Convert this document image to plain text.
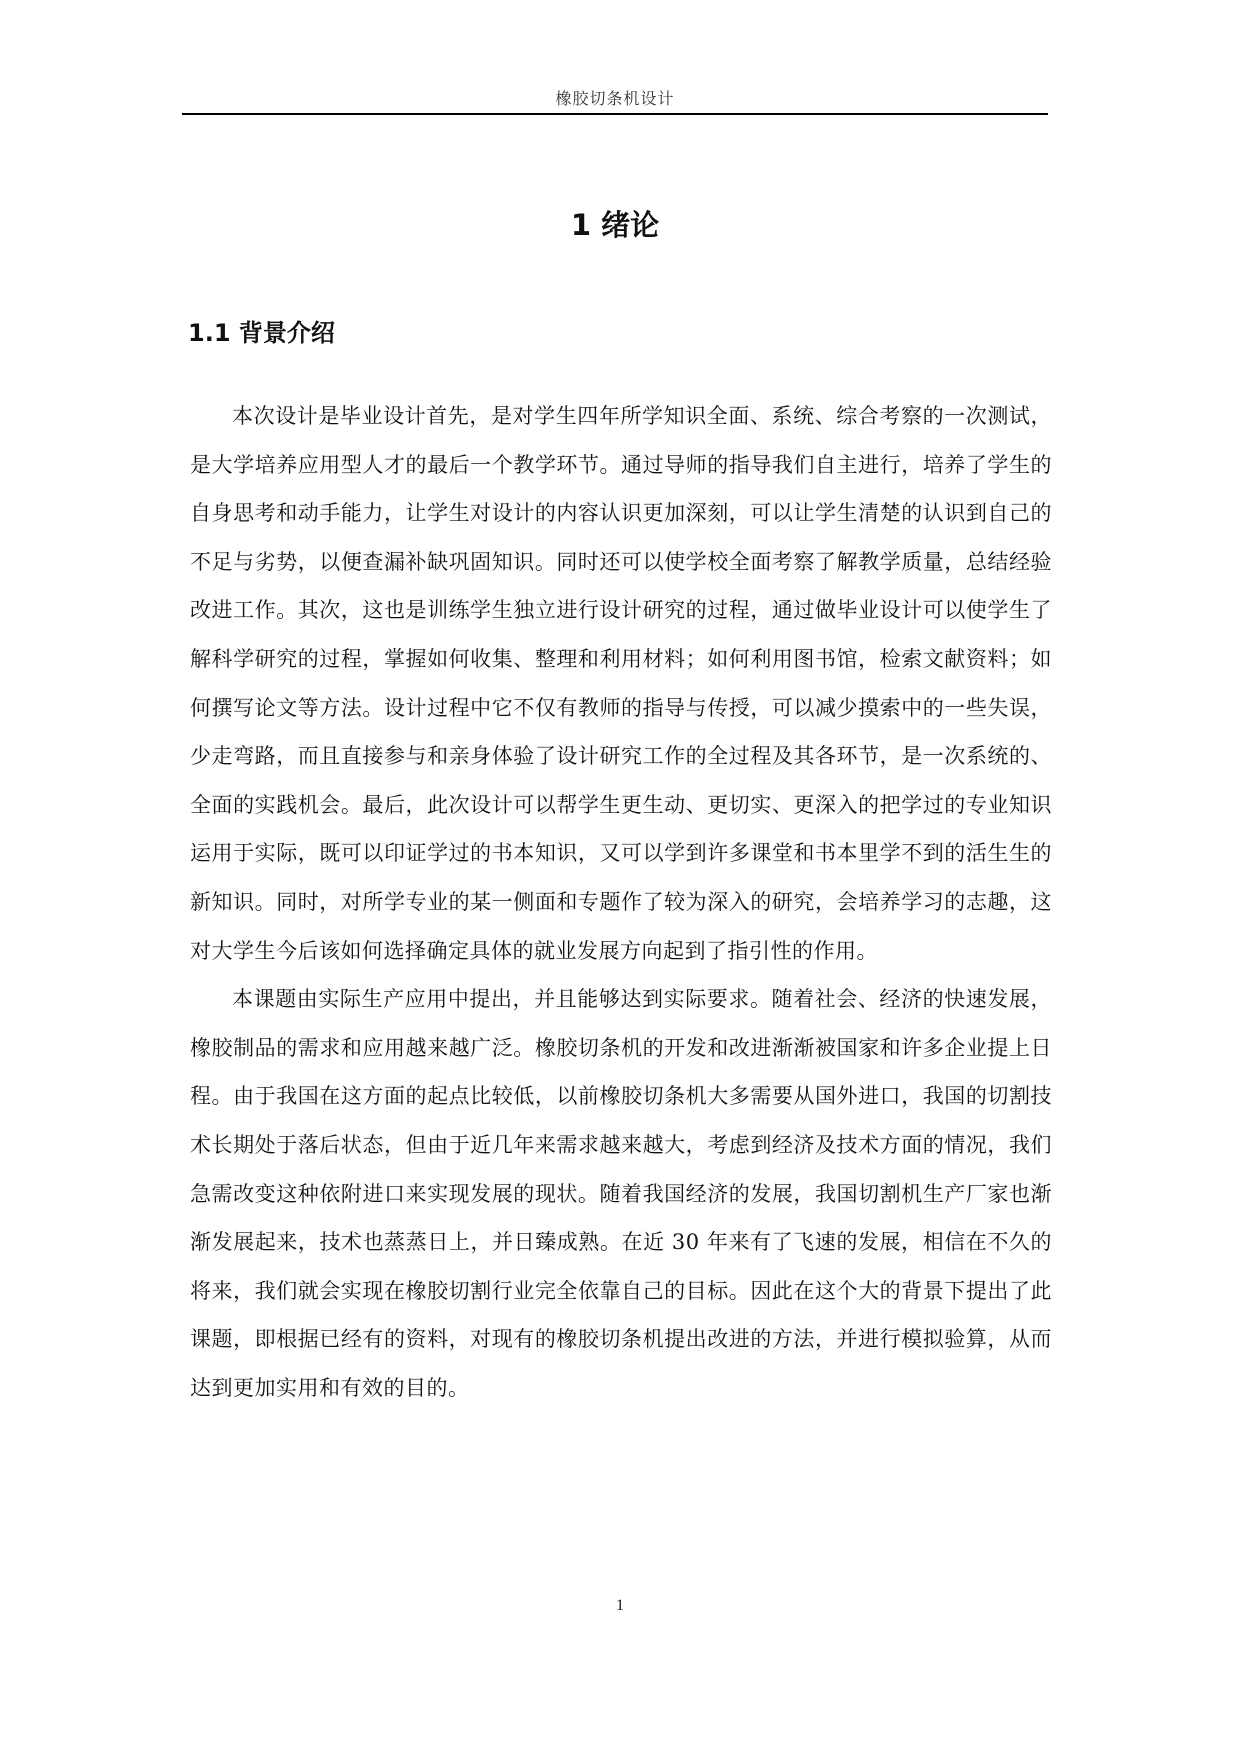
橡胶切条机设计
1 绪论
1.1 背景介绍

本次设计是毕业设计首先，是对学生四年所学知识全面、系统、综合考察的一次测试，是大学培养应用型人才的最后一个教学环节。通过导师的指导我们自主进行，培养了学生的自身思考和动手能力，让学生对设计的内容认识更加深刻，可以让学生清楚的认识到自己的不足与劣势，以便查漏补缺巩固知识。同时还可以使学校全面考察了解教学质量，总结经验改进工作。其次，这也是训练学生独立进行设计研究的过程，通过做毕业设计可以使学生了解科学研究的过程，掌握如何收集、整理和利用材料；如何利用图书馆，检索文献资料；如何撰写论文等方法。设计过程中它不仅有教师的指导与传授，可以减少摸索中的一些失误，少走弯路，而且直接参与和亲身体验了设计研究工作的全过程及其各环节，是一次系统的、全面的实践机会。最后，此次设计可以帮学生更生动、更切实、更深入的把学过的专业知识运用于实际，既可以印证学过的书本知识，又可以学到许多课堂和书本里学不到的活生生的新知识。同时，对所学专业的某一侧面和专题作了较为深入的研究，会培养学习的志趣，这对大学生今后该如何选择确定具体的就业发展方向起到了指引性的作用。

本课题由实际生产应用中提出，并且能够达到实际要求。随着社会、经济的快速发展，橡胶制品的需求和应用越来越广泛。橡胶切条机的开发和改进渐渐被国家和许多企业提上日程。由于我国在这方面的起点比较低，以前橡胶切条机大多需要从国外进口，我国的切割技术长期处于落后状态，但由于近几年来需求越来越大，考虑到经济及技术方面的情况，我们急需改变这种依附进口来实现发展的现状。随着我国经济的发展，我国切割机生产厂家也渐渐发展起来，技术也蒸蒸日上，并日臻成熟。在近 30 年来有了飞速的发展，相信在不久的将来，我们就会实现在橡胶切割行业完全依靠自己的目标。因此在这个大的背景下提出了此课题，即根据已经有的资料，对现有的橡胶切条机提出改进的方法，并进行模拟验算，从而达到更加实用和有效的目的。

1
